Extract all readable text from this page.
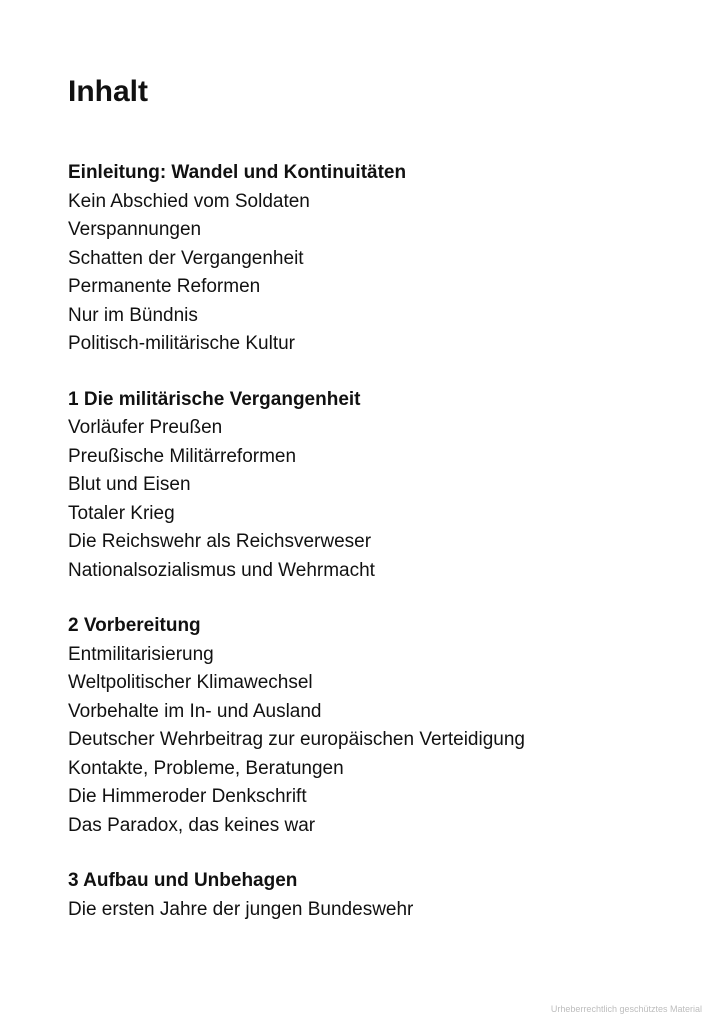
Inhalt
Einleitung: Wandel und Kontinuitäten
Kein Abschied vom Soldaten
Verspannungen
Schatten der Vergangenheit
Permanente Reformen
Nur im Bündnis
Politisch-militärische Kultur
1 Die militärische Vergangenheit
Vorläufer Preußen
Preußische Militärreformen
Blut und Eisen
Totaler Krieg
Die Reichswehr als Reichsverweser
Nationalsozialismus und Wehrmacht
2 Vorbereitung
Entmilitarisierung
Weltpolitischer Klimawechsel
Vorbehalte im In- und Ausland
Deutscher Wehrbeitrag zur europäischen Verteidigung
Kontakte, Probleme, Beratungen
Die Himmeroder Denkschrift
Das Paradox, das keines war
3 Aufbau und Unbehagen
Die ersten Jahre der jungen Bundeswehr
Urheberrechtlich geschütztes Material
